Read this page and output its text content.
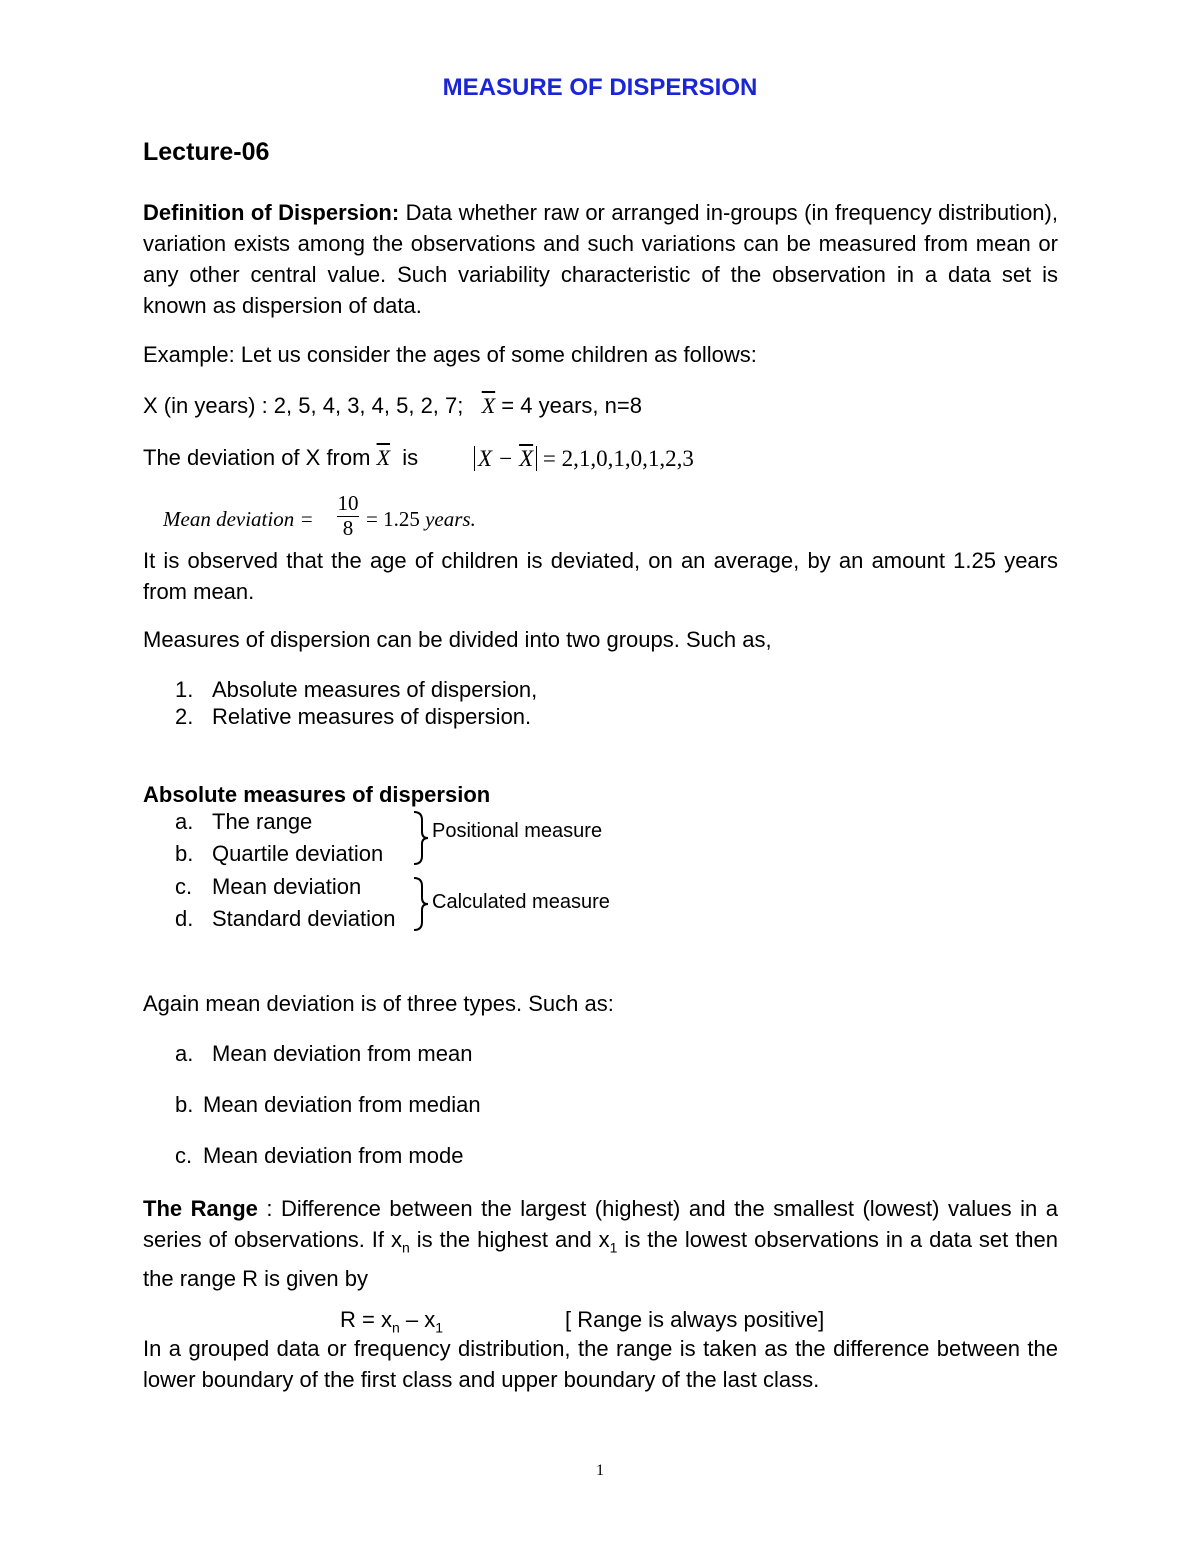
MEASURE OF DISPERSION
Lecture-06
Definition of Dispersion: Data whether raw or arranged in-groups (in frequency distribution), variation exists among the observations and such variations can be measured from mean or any other central value. Such variability characteristic of the observation in a data set is known as dispersion of data.
Example: Let us consider the ages of some children as follows:
X (in years) : 2, 5, 4, 3, 4, 5, 2, 7; $\overline{X} = 4$ years, n=8
The deviation of X from $\overline{X}$ is	$X - \overline{X} = 2,1,0,1,0,1,2,3$
Mean deviation = $\frac{10}{8} = 1.25$ years.
It is observed that the age of children is deviated, on an average, by an amount 1.25 years from mean.
Measures of dispersion can be divided into two groups. Such as,
1. Absolute measures of dispersion,
2. Relative measures of dispersion.
Absolute measures of dispersion
a. The range
b. Quartile deviation
c. Mean deviation
d. Standard deviation
Positional measure
Calculated measure
Again mean deviation is of three types. Such as:
a. Mean deviation from mean
b. Mean deviation from median
c. Mean deviation from mode
The Range : Difference between the largest (highest) and the smallest (lowest) values in a series of observations. If $x_n$ is the highest and $x_1$ is the lowest observations in a data set then the range R is given by
$R = x_n - x_1$	[ Range is always positive]
In a grouped data or frequency distribution, the range is taken as the difference between the lower boundary of the first class and upper boundary of the last class.
1
